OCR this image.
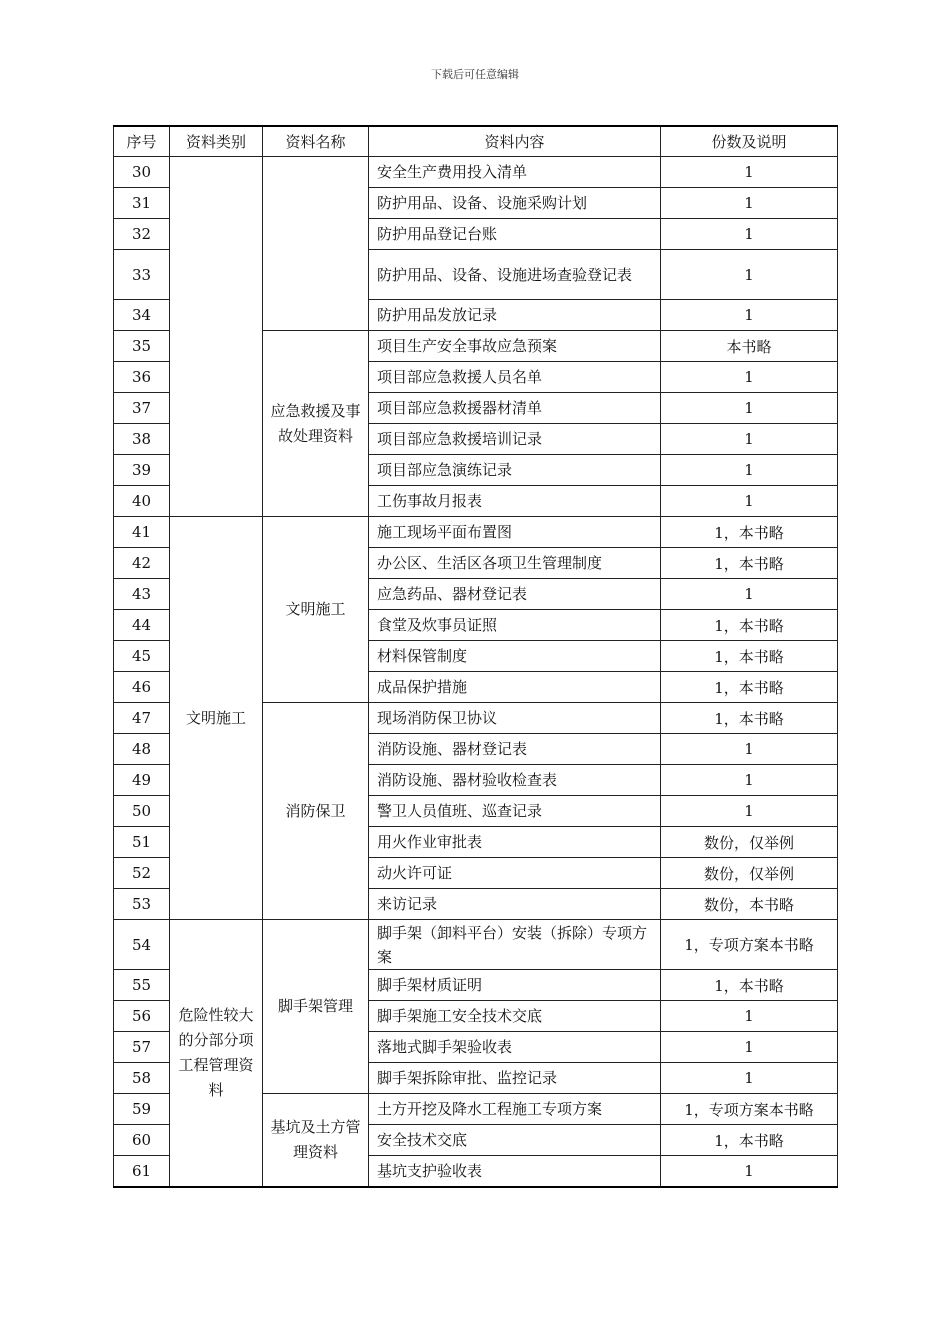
下载后可任意编辑
序号	资料类别	资料名称	资料内容	份数及说明
30			安全生产费用投入清单	1
31			防护用品、设备、设施采购计划	1
32			防护用品登记台账	1
33			防护用品、设备、设施进场查验登记表	1
34			防护用品发放记录	1
35		应急救援及事故处理资料	项目生产安全事故应急预案	本书略
36			项目部应急救援人员名单	1
37			项目部应急救援器材清单	1
38			项目部应急救援培训记录	1
39			项目部应急演练记录	1
40			工伤事故月报表	1
41	文明施工	文明施工	施工现场平面布置图	1，本书略
42			办公区、生活区各项卫生管理制度	1，本书略
43			应急药品、器材登记表	1
44			食堂及炊事员证照	1，本书略
45			材料保管制度	1，本书略
46			成品保护措施	1，本书略
47		消防保卫	现场消防保卫协议	1，本书略
48			消防设施、器材登记表	1
49			消防设施、器材验收检查表	1
50			警卫人员值班、巡查记录	1
51			用火作业审批表	数份，仅举例
52			动火许可证	数份，仅举例
53			来访记录	数份，本书略
54	危险性较大的分部分项工程管理资料	脚手架管理	脚手架（卸料平台）安装（拆除）专项方案	1，专项方案本书略
55			脚手架材质证明	1，本书略
56			脚手架施工安全技术交底	1
57			落地式脚手架验收表	1
58			脚手架拆除审批、监控记录	1
59		基坑及土方管理资料	土方开挖及降水工程施工专项方案	1，专项方案本书略
60			安全技术交底	1，本书略
61			基坑支护验收表	1
